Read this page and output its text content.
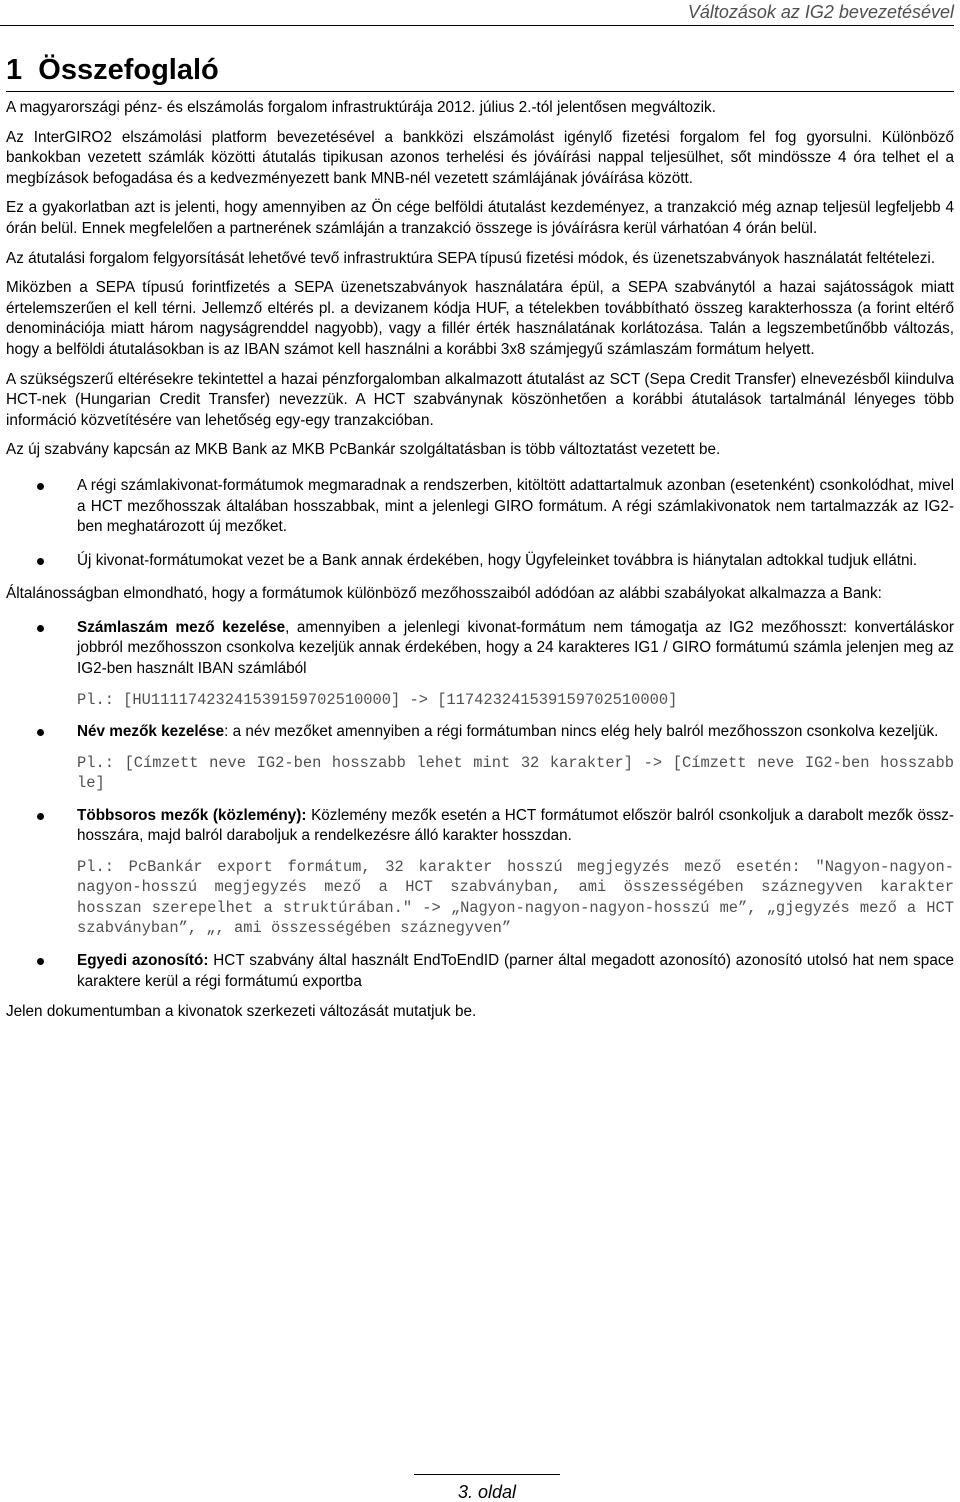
Változások az IG2 bevezetésével
1 Összefoglaló

A magyarországi pénz- és elszámolás forgalom infrastruktúrája 2012. július 2.-tól jelentősen megváltozik.

Az InterGIRO2 elszámolási platform bevezetésével a bankközi elszámolást igénylő fizetési forgalom fel fog gyorsulni. Különböző bankokban vezetett számlák közötti átutalás tipikusan azonos terhelési és jóváírási nappal teljesülhet, sőt mindössze 4 óra telhet el a megbízások befogadása és a kedvezményezett bank MNB-nél vezetett számlájának jóváírása között.

Ez a gyakorlatban azt is jelenti, hogy amennyiben az Ön cége belföldi átutalást kezdeményez, a tranzakció még aznap teljesül legfeljebb 4 órán belül. Ennek megfelelően a partnerének számláján a tranzakció összege is jóváírásra kerül várhatóan 4 órán belül.

Az átutalási forgalom felgyorsítását lehetővé tevő infrastruktúra SEPA típusú fizetési módok, és üzenetszabványok használatát feltételezi.

Miközben a SEPA típusú forintfizetés a SEPA üzenetszabványok használatára épül, a SEPA szabványtól a hazai sajátosságok miatt értelemszerűen el kell térni. Jellemző eltérés pl. a devizanem kódja HUF, a tételekben továbbítható összeg karakterhossza (a forint eltérő denominációja miatt három nagyságrenddel nagyobb), vagy a fillér érték használatának korlátozása. Talán a legszembetűnőbb változás, hogy a belföldi átutalásokban is az IBAN számot kell használni a korábbi 3x8 számjegyű számlaszám formátum helyett.

A szükségszerű eltérésekre tekintettel a hazai pénzforgalomban alkalmazott átutalást az SCT (Sepa Credit Transfer) elnevezésből kiindulva HCT-nek (Hungarian Credit Transfer) nevezzük. A HCT szabványnak köszönhetően a korábbi átutalások tartalmánál lényeges több információ közvetítésére van lehetőség egy-egy tranzakcióban.

Az új szabvány kapcsán az MKB Bank az MKB PcBankár szolgáltatásban is több változtatást vezetett be.

A régi számlakivonat-formátumok megmaradnak a rendszerben, kitöltött adattartalmuk azonban (esetenként) csonkolódhat, mivel a HCT mezőhosszak általában hosszabbak, mint a jelenlegi GIRO formátum. A régi számlakivonatok nem tartalmazzák az IG2-ben meghatározott új mezőket.

Új kivonat-formátumokat vezet be a Bank annak érdekében, hogy Ügyfeleinket továbbra is hiánytalan adtokkal tudjuk ellátni.

Általánosságban elmondható, hogy a formátumok különböző mezőhosszaiból adódóan az alábbi szabályokat alkalmazza a Bank:

Számlaszám mező kezelése, amennyiben a jelenlegi kivonat-formátum nem támogatja az IG2 mezőhosszt: konvertáláskor jobbról mezőhosszon csonkolva kezeljük annak érdekében, hogy a 24 karakteres IG1 / GIRO formátumú számla jelenjen meg az IG2-ben használt IBAN számlából

Pl.: [HU11117423241539159702510000] -> [117423241539159702510000]

Név mezők kezelése: a név mezőket amennyiben a régi formátumban nincs elég hely balról mezőhosszon csonkolva kezeljük.

Pl.: [Címzett neve IG2-ben hosszabb lehet mint 32 karakter] -> [Címzett neve IG2-ben hosszabb le]

Többsoros mezők (közlemény): Közlemény mezők esetén a HCT formátumot először balról csonkoljuk a darabolt mezők össz-hosszára, majd balról daraboljuk a rendelkezésre álló karakter hosszdan.

Pl.: PcBankár export formátum, 32 karakter hosszú megjegyzés mező esetén: "Nagyon-nagyon-nagyon-hosszú megjegyzés mező a HCT szabványban, ami összességében száznegyven karakter hosszan szerepelhet a struktúrában." -> „Nagyon-nagyon-nagyon-hosszú me”, „gjegyzés mező a HCT szabványban”, „, ami összességében száznegyven”

Egyedi azonosító: HCT szabvány által használt EndToEndID (parner által megadott azonosító) azonosító utolsó hat nem space karaktere kerül a régi formátumú exportba

Jelen dokumentumban a kivonatok szerkezeti változását mutatjuk be.

3. oldal
